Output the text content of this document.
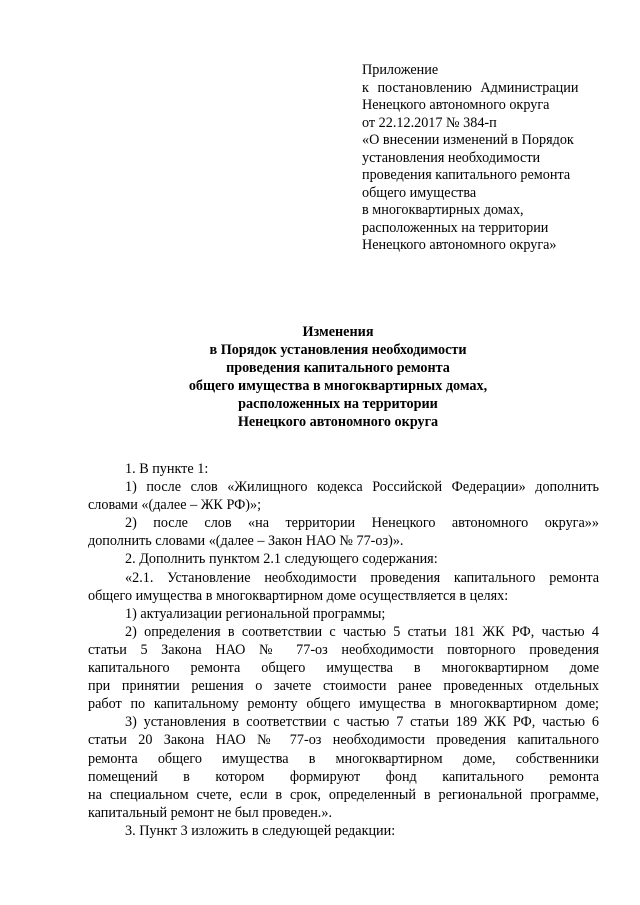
Приложение
к постановлению Администрации
Ненецкого автономного округа
от 22.12.2017 № 384-п
«О внесении изменений в Порядок
установления необходимости
проведения капитального ремонта
общего имущества
в многоквартирных домах,
расположенных на территории
Ненецкого автономного округа»
Изменения
в Порядок установления необходимости
проведения капитального ремонта
общего имущества в многоквартирных домах,
расположенных на территории
Ненецкого автономного округа
1. В пункте 1:
1) после слов «Жилищного кодекса Российской Федерации» дополнить
словами «(далее – ЖК РФ)»;
2) после слов «на территории Ненецкого автономного округа»»
дополнить словами «(далее – Закон НАО № 77-оз)».
2. Дополнить пунктом 2.1 следующего содержания:
«2.1. Установление необходимости проведения капитального ремонта
общего имущества в многоквартирном доме осуществляется в целях:
1) актуализации региональной программы;
2) определения в соответствии с частью 5 статьи 181 ЖК РФ, частью 4
статьи 5 Закона НАО № 77-оз необходимости повторного проведения
капитального ремонта общего имущества в многоквартирном доме
при принятии решения о зачете стоимости ранее проведенных отдельных
работ по капитальному ремонту общего имущества в многоквартирном доме;
3) установления в соответствии с частью 7 статьи 189 ЖК РФ, частью 6
статьи 20 Закона НАО № 77-оз необходимости проведения капитального
ремонта общего имущества в многоквартирном доме, собственники
помещений в котором формируют фонд капитального ремонта
на специальном счете, если в срок, определенный в региональной программе,
капитальный ремонт не был проведен.».
3. Пункт 3 изложить в следующей редакции:
